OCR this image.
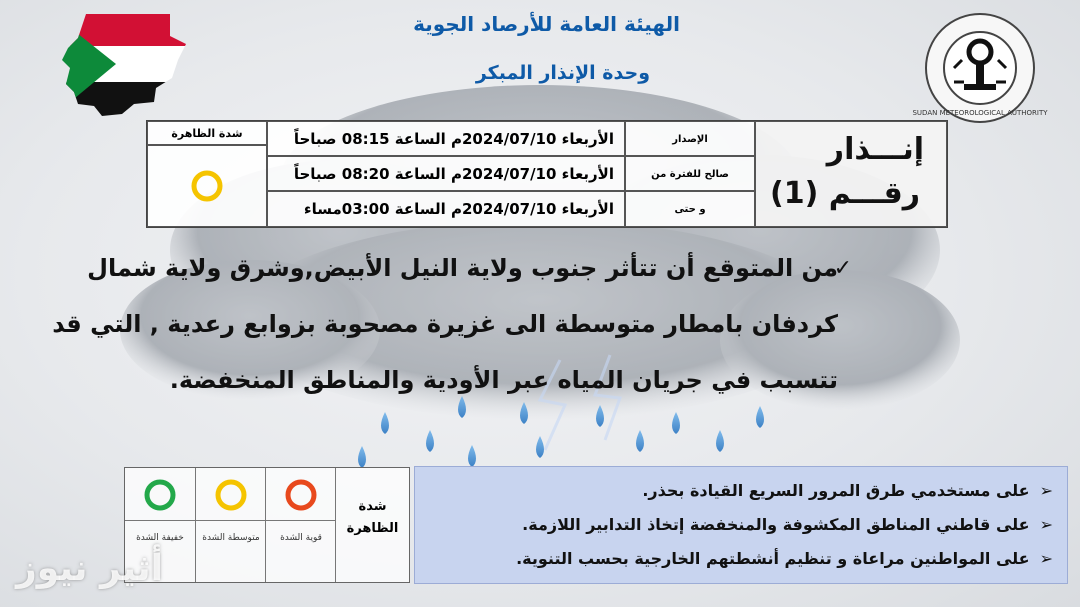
SUDAN METEOROLOGICAL AUTHORITY
الهيئة العامة للأرصاد الجوية
وحدة الإنذار المبكر
إنـــذار
رقـــم (1)
الإصدار
الأربعاء 2024/07/10م الساعة 08:15 صباحاً
صالح للفترة من
الأربعاء 2024/07/10م الساعة 08:20 صباحاً
و حتى
الأربعاء 2024/07/10م الساعة 03:00مساء
شدة الظاهرة
✓
من المتوقع أن تتأثر جنوب ولاية النيل الأبيض,وشرق ولاية شمال كردفان بامطار متوسطة الى غزيرة مصحوبة بزوابع رعدية , التي قد تتسبب في جريان المياه عبر الأودية والمناطق المنخفضة.
شدة الظاهرة
قوية الشدة
متوسطة الشدة
خفيفة الشدة
➢على مستخدمي طرق المرور السريع القيادة بحذر.
➢على قاطني المناطق المكشوفة والمنخفضة إتخاذ التدابير اللازمة.
➢على المواطنين مراعاة و تنظيم أنشطتهم الخارجية بحسب التنوية.
أثير نيوز
